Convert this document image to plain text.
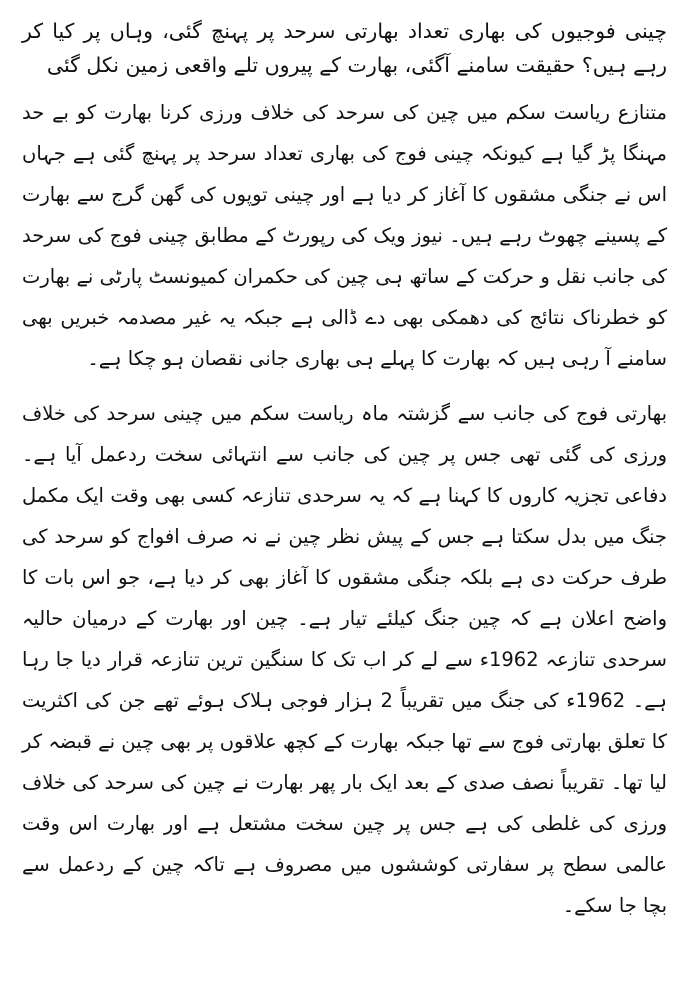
چینی فوجیوں کی بھاری تعداد بھارتی سرحد پر پہنچ گئی، وہاں پر کیا کر رہے ہیں؟ حقیقت سامنے آگئی، بھارت کے پیروں تلے واقعی زمین نکل گئی

متنازع ریاست سکم میں چین کی سرحد کی خلاف ورزی کرنا بھارت کو بے حد مہنگا پڑ گیا ہے کیونکہ چینی فوج کی بھاری تعداد سرحد پر پہنچ گئی ہے جہاں اس نے جنگی مشقوں کا آغاز کر دیا ہے اور چینی توپوں کی گھن گرج سے بھارت کے پسینے چھوٹ رہے ہیں۔ نیوز ویک کی رپورٹ کے مطابق چینی فوج کی سرحد کی جانب نقل و حرکت کے ساتھ ہی چین کی حکمران کمیونسٹ پارٹی نے بھارت کو خطرناک نتائج کی دھمکی بھی دے ڈالی ہے جبکہ یہ غیر مصدمہ خبریں بھی سامنے آ رہی ہیں کہ بھارت کا پہلے ہی بھاری جانی نقصان ہو چکا ہے۔

بھارتی فوج کی جانب سے گزشتہ ماہ ریاست سکم میں چینی سرحد کی خلاف ورزی کی گئی تھی جس پر چین کی جانب سے انتہائی سخت ردعمل آیا ہے۔ دفاعی تجزیہ کاروں کا کہنا ہے کہ یہ سرحدی تنازعہ کسی بھی وقت ایک مکمل جنگ میں بدل سکتا ہے جس کے پیش نظر چین نے نہ صرف افواج کو سرحد کی طرف حرکت دی ہے بلکہ جنگی مشقوں کا آغاز بھی کر دیا ہے، جو اس بات کا واضح اعلان ہے کہ چین جنگ کیلئے تیار ہے۔ چین اور بھارت کے درمیان حالیہ سرحدی تنازعہ 1962ء سے لے کر اب تک کا سنگین ترین تنازعہ قرار دیا جا رہا ہے۔ 1962ء کی جنگ میں تقریباً 2 ہزار فوجی ہلاک ہوئے تھے جن کی اکثریت کا تعلق بھارتی فوج سے تھا جبکہ بھارت کے کچھ علاقوں پر بھی چین نے قبضہ کر لیا تھا۔ تقریباً نصف صدی کے بعد ایک بار پھر بھارت نے چین کی سرحد کی خلاف ورزی کی غلطی کی ہے جس پر چین سخت مشتعل ہے اور بھارت اس وقت عالمی سطح پر سفارتی کوششوں میں مصروف ہے تاکہ چین کے ردعمل سے بچا جا سکے۔
